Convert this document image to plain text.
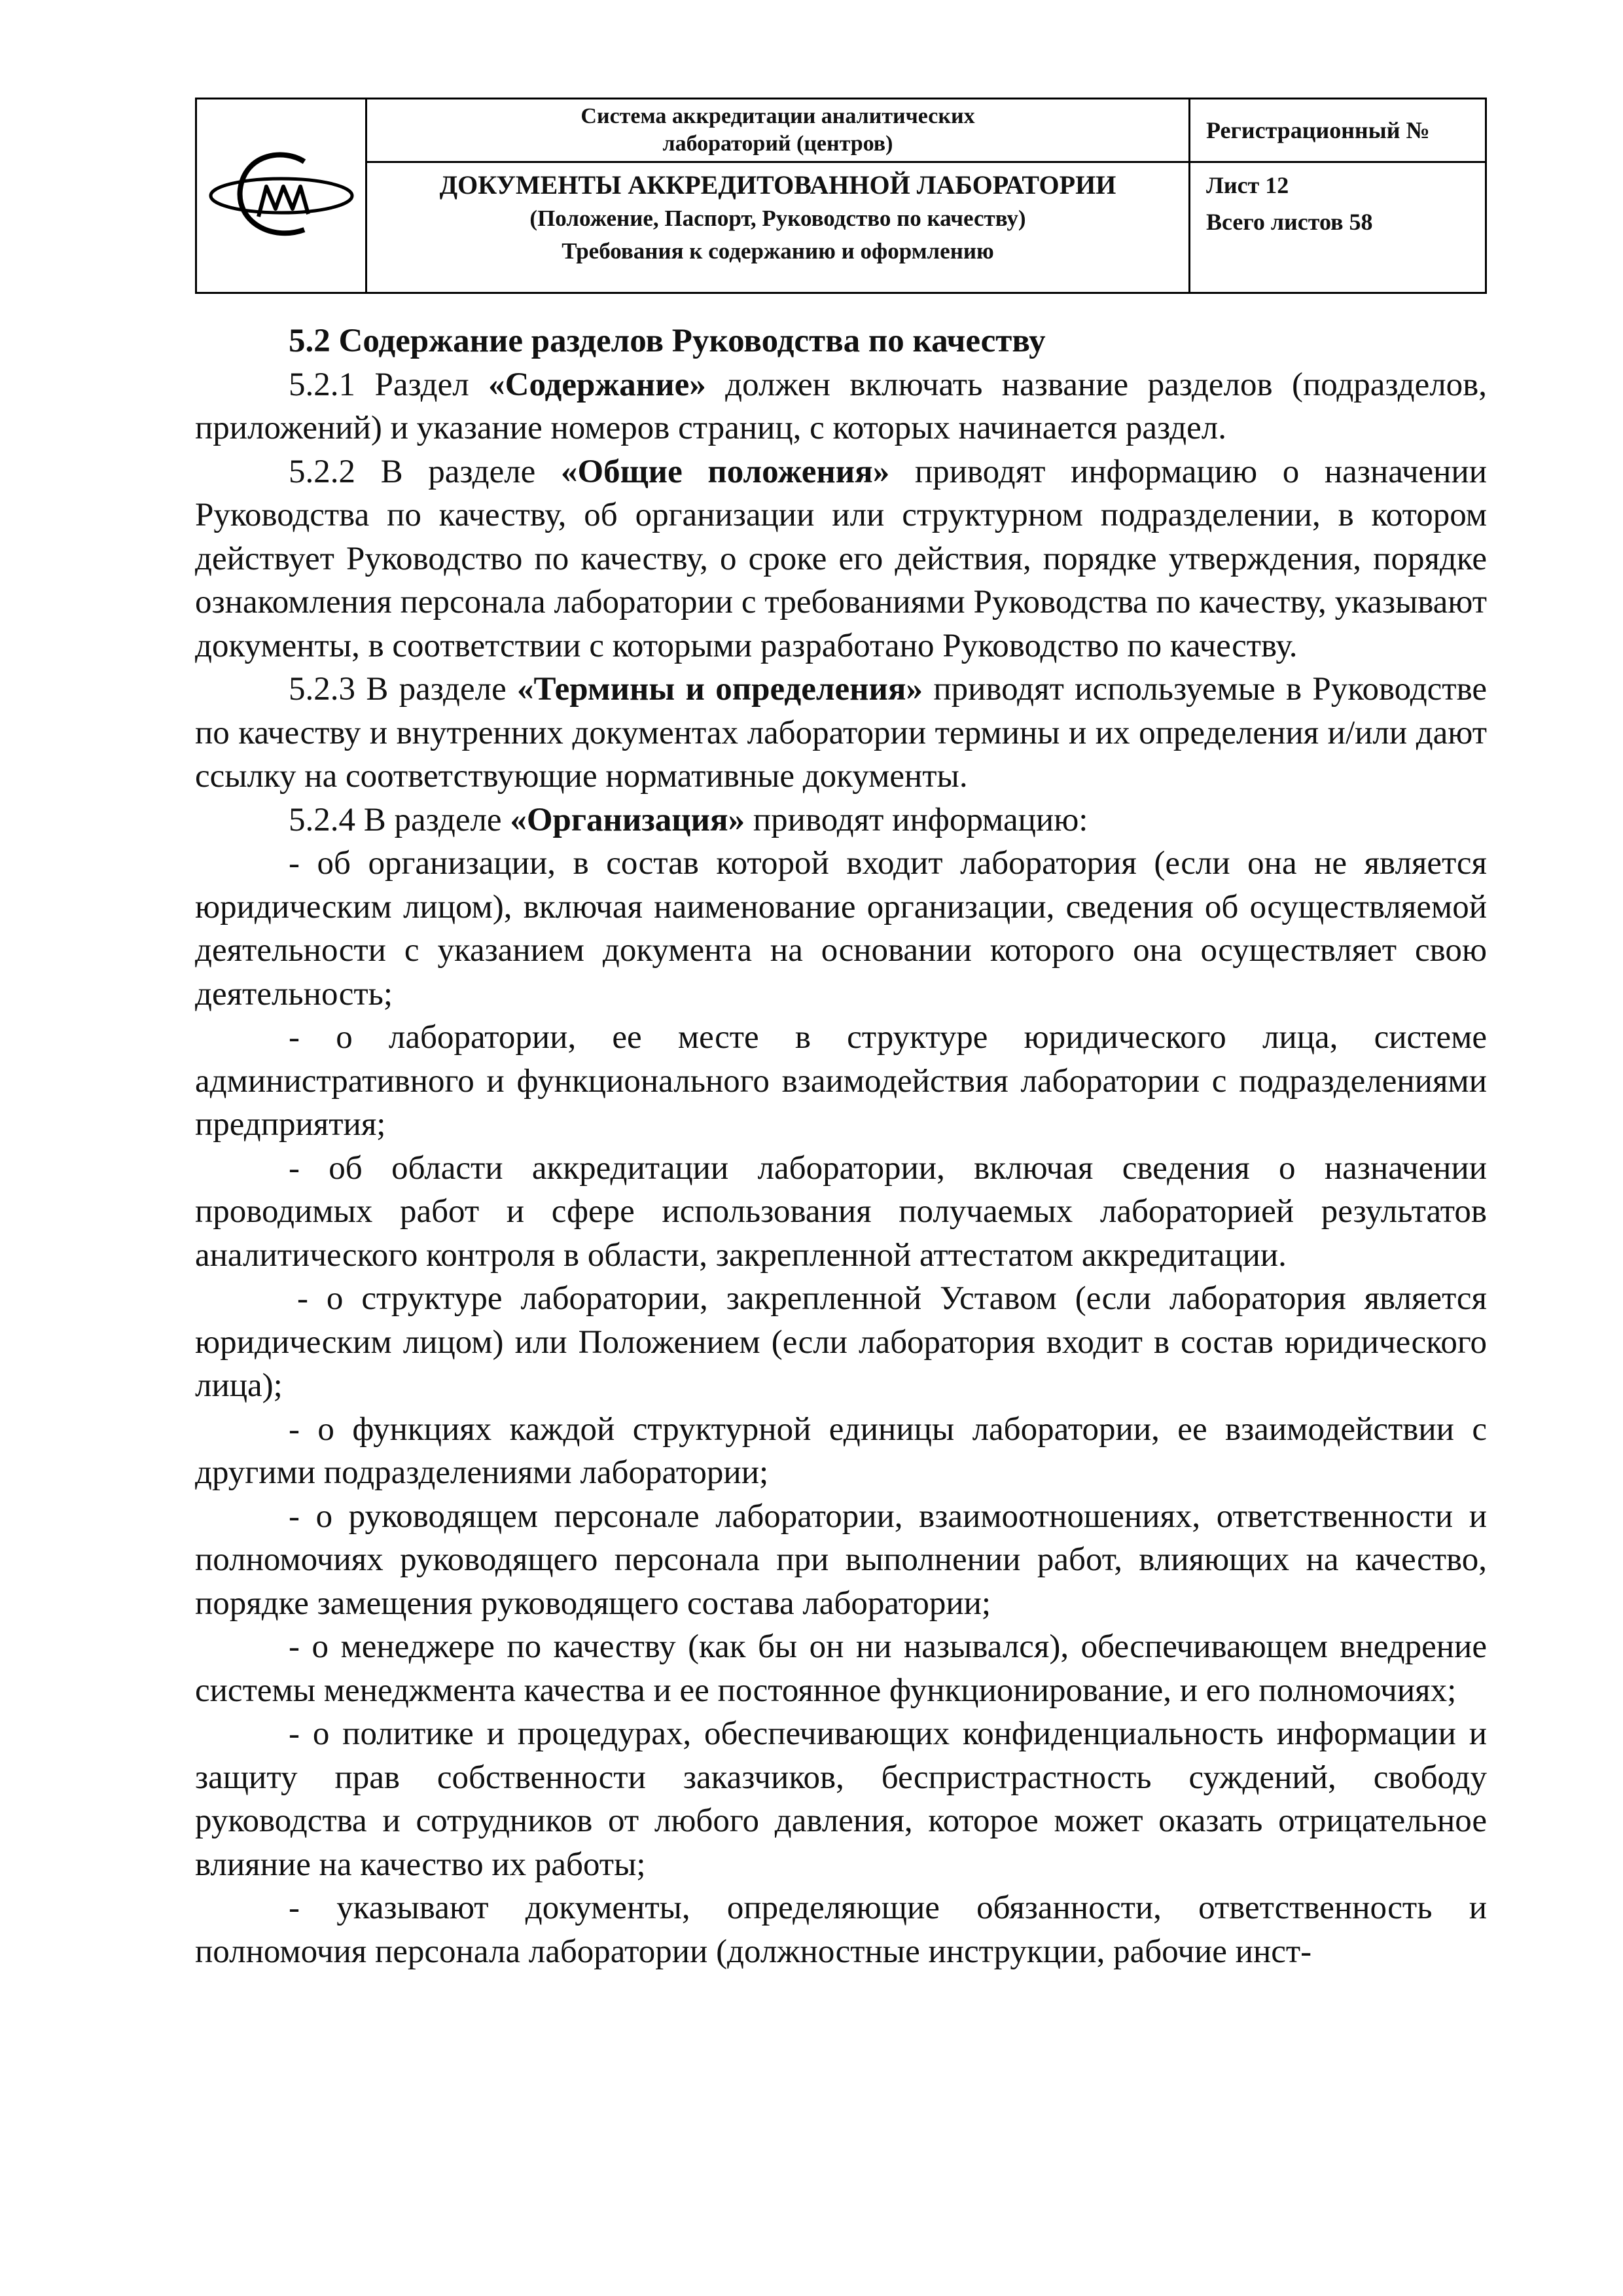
Система аккредитации аналитических
лабораторий (центров)
ДОКУМЕНТЫ АККРЕДИТОВАННОЙ ЛАБОРАТОРИИ
(Положение, Паспорт, Руководство по качеству)
Требования к содержанию и оформлению
Регистрационный №
Лист 12
Всего листов 58

5.2 Содержание разделов Руководства по качеству

5.2.1 Раздел «Содержание» должен включать название разделов (подразделов, приложений) и указание номеров страниц, с которых начинается раздел.

5.2.2 В разделе «Общие положения» приводят информацию о назначении Руководства по качеству, об организации или структурном подразделении, в котором действует Руководство по качеству, о сроке его действия, порядке утверждения, порядке ознакомления персонала лаборатории с требованиями Руководства по качеству, указывают документы, в соответствии с которыми разработано Руководство по качеству.

5.2.3 В разделе «Термины и определения» приводят используемые в Руководстве по качеству и внутренних документах лаборатории термины и их определения и/или дают ссылку на соответствующие нормативные документы.

5.2.4 В разделе «Организация» приводят информацию:

- об организации, в состав которой входит лаборатория (если она не является юридическим лицом), включая наименование организации, сведения об осуществляемой деятельности с указанием документа на основании которого она осуществляет свою деятельность;

- о лаборатории, ее месте в структуре юридического лица, системе административного и функционального взаимодействия лаборатории с подразделениями предприятия;

- об области аккредитации лаборатории, включая сведения о назначении проводимых работ и сфере использования получаемых лабораторией результатов аналитического контроля в области, закрепленной аттестатом аккредитации.

- о структуре лаборатории, закрепленной Уставом (если лаборатория является юридическим лицом) или Положением (если лаборатория входит в состав юридического лица);

- о функциях каждой структурной единицы лаборатории, ее взаимодействии с другими подразделениями лаборатории;

- о руководящем персонале лаборатории, взаимоотношениях, ответственности и полномочиях руководящего персонала при выполнении работ, влияющих на качество, порядке замещения руководящего состава лаборатории;

- о менеджере по качеству (как бы он ни назывался), обеспечивающем внедрение системы менеджмента качества и ее постоянное функционирование, и его полномочиях;

- о политике и процедурах, обеспечивающих конфиденциальность информации и защиту прав собственности заказчиков, беспристрастность суждений, свободу руководства и сотрудников от любого давления, которое может оказать отрицательное влияние на качество их работы;

- указывают документы, определяющие обязанности, ответственность и полномочия персонала лаборатории (должностные инструкции, рабочие инст-
